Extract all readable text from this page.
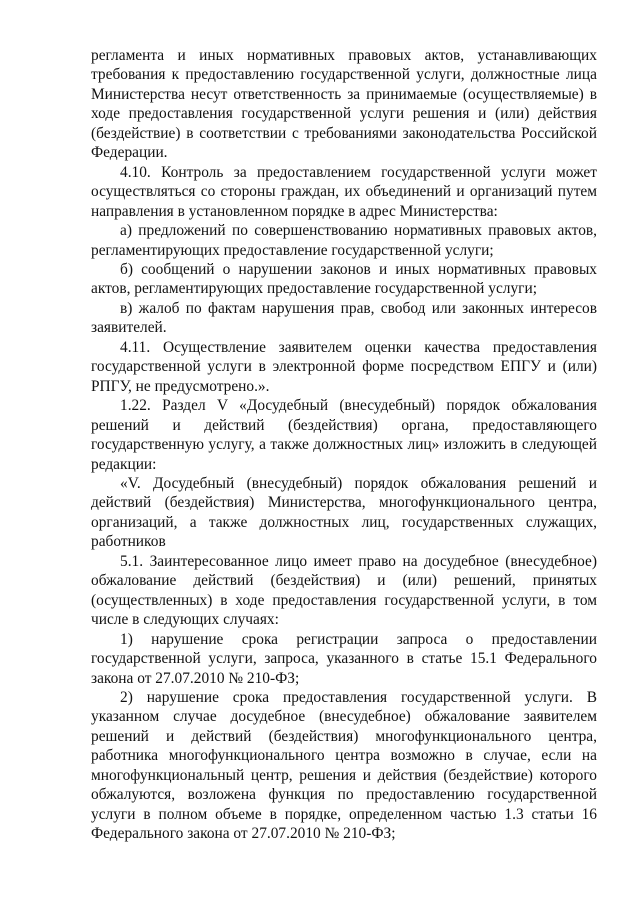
регламента и иных нормативных правовых актов, устанавливающих требования к предоставлению государственной услуги, должностные лица Министерства несут ответственность за принимаемые (осуществляемые) в ходе предоставления государственной услуги решения и (или) действия (бездействие) в соответствии с требованиями законодательства Российской Федерации.

4.10. Контроль за предоставлением государственной услуги может осуществляться со стороны граждан, их объединений и организаций путем направления в установленном порядке в адрес Министерства:

а) предложений по совершенствованию нормативных правовых актов, регламентирующих предоставление государственной услуги;

б) сообщений о нарушении законов и иных нормативных правовых актов, регламентирующих предоставление государственной услуги;

в) жалоб по фактам нарушения прав, свобод или законных интересов заявителей.

4.11. Осуществление заявителем оценки качества предоставления государственной услуги в электронной форме посредством ЕПГУ и (или) РПГУ, не предусмотрено.».

1.22. Раздел V «Досудебный (внесудебный) порядок обжалования решений и действий (бездействия) органа, предоставляющего государственную услугу, а также должностных лиц» изложить в следующей редакции:

«V. Досудебный (внесудебный) порядок обжалования решений и действий (бездействия) Министерства, многофункционального центра, организаций, а также должностных лиц, государственных служащих, работников

5.1. Заинтересованное лицо имеет право на досудебное (внесудебное) обжалование действий (бездействия) и (или) решений, принятых (осуществленных) в ходе предоставления государственной услуги, в том числе в следующих случаях:

1) нарушение срока регистрации запроса о предоставлении государственной услуги, запроса, указанного в статье 15.1 Федерального закона от 27.07.2010 № 210-ФЗ;

2) нарушение срока предоставления государственной услуги. В указанном случае досудебное (внесудебное) обжалование заявителем решений и действий (бездействия) многофункционального центра, работника многофункционального центра возможно в случае, если на многофункциональный центр, решения и действия (бездействие) которого обжалуются, возложена функция по предоставлению государственной услуги в полном объеме в порядке, определенном частью 1.3 статьи 16 Федерального закона от 27.07.2010 № 210-ФЗ;
